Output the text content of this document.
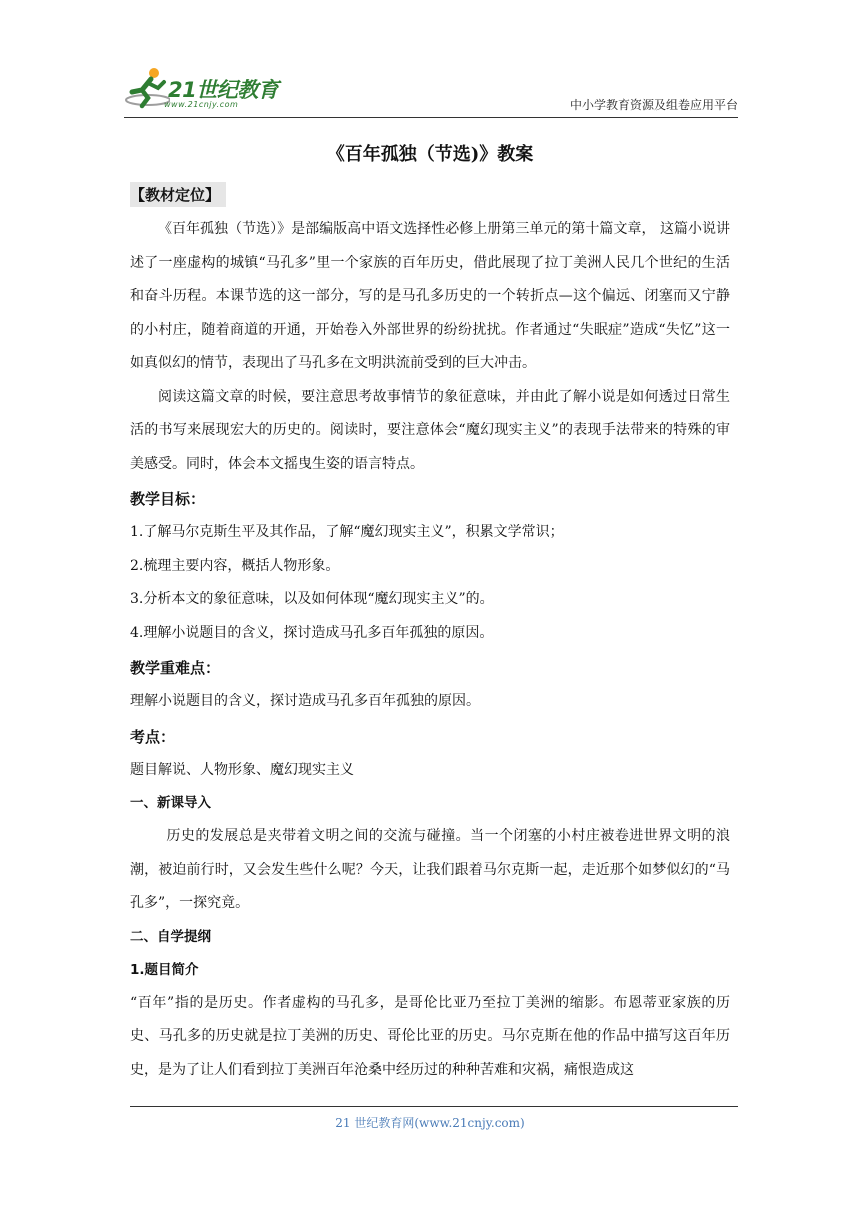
21世纪教育
www.21cnjy.com	中小学教育资源及组卷应用平台
《百年孤独（节选)》教案
【教材定位】

《百年孤独（节选）》是部编版高中语文选择性必修上册第三单元的第十篇文章， 这篇小说讲述了一座虚构的城镇“马孔多”里一个家族的百年历史，借此展现了拉丁美洲人民几个世纪的生活和奋斗历程。本课节选的这一部分，写的是马孔多历史的一个转折点—这个偏远、闭塞而又宁静的小村庄，随着商道的开通，开始卷入外部世界的纷纷扰扰。作者通过“失眠症”造成“失忆”这一如真似幻的情节，表现出了马孔多在文明洪流前受到的巨大冲击。

阅读这篇文章的时候，要注意思考故事情节的象征意味，并由此了解小说是如何透过日常生活的书写来展现宏大的历史的。阅读时，要注意体会“魔幻现实主义”的表现手法带来的特殊的审美感受。同时，体会本文摇曳生姿的语言特点。

教学目标：

1.了解马尔克斯生平及其作品，了解“魔幻现实主义”，积累文学常识；

2.梳理主要内容，概括人物形象。

3.分析本文的象征意味，以及如何体现“魔幻现实主义”的。

4.理解小说题目的含义，探讨造成马孔多百年孤独的原因。

教学重难点：

理解小说题目的含义，探讨造成马孔多百年孤独的原因。

考点：

题目解说、人物形象、魔幻现实主义

一、新课导入

历史的发展总是夹带着文明之间的交流与碰撞。当一个闭塞的小村庄被卷进世界文明的浪潮，被迫前行时，又会发生些什么呢？今天，让我们跟着马尔克斯一起，走近那个如梦似幻的“马孔多”，一探究竟。

二、自学提纲
1.题目简介

“百年”指的是历史。作者虚构的马孔多，是哥伦比亚乃至拉丁美洲的缩影。布恩蒂亚家族的历史、马孔多的历史就是拉丁美洲的历史、哥伦比亚的历史。马尔克斯在他的作品中描写这百年历史，是为了让人们看到拉丁美洲百年沧桑中经历过的种种苦难和灾祸，痛恨造成这

21 世纪教育网(www.21cnjy.com)
